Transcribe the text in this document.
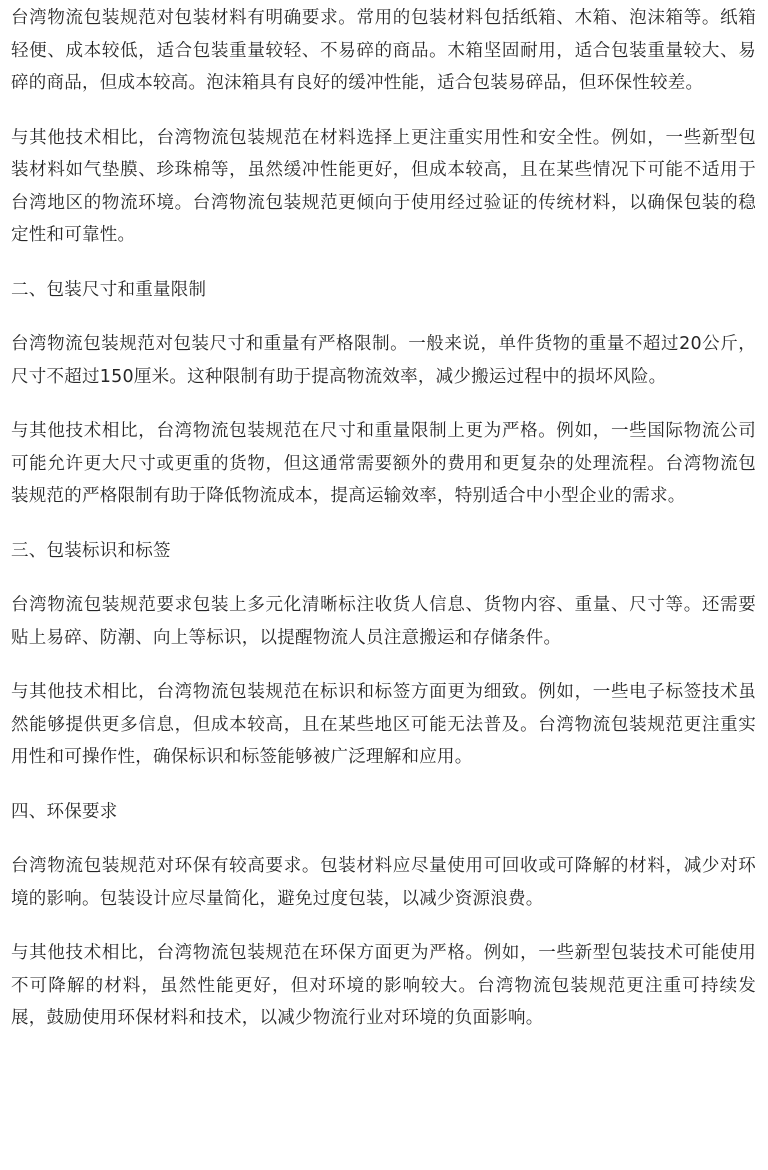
台湾物流包装规范对包装材料有明确要求。常用的包装材料包括纸箱、木箱、泡沫箱等。纸箱轻便、成本较低，适合包装重量较轻、不易碎的商品。木箱坚固耐用，适合包装重量较大、易碎的商品，但成本较高。泡沫箱具有良好的缓冲性能，适合包装易碎品，但环保性较差。

与其他技术相比，台湾物流包装规范在材料选择上更注重实用性和安全性。例如，一些新型包装材料如气垫膜、珍珠棉等，虽然缓冲性能更好，但成本较高，且在某些情况下可能不适用于台湾地区的物流环境。台湾物流包装规范更倾向于使用经过验证的传统材料，以确保包装的稳定性和可靠性。

二、包装尺寸和重量限制

台湾物流包装规范对包装尺寸和重量有严格限制。一般来说，单件货物的重量不超过20公斤，尺寸不超过150厘米。这种限制有助于提高物流效率，减少搬运过程中的损坏风险。

与其他技术相比，台湾物流包装规范在尺寸和重量限制上更为严格。例如，一些国际物流公司可能允许更大尺寸或更重的货物，但这通常需要额外的费用和更复杂的处理流程。台湾物流包装规范的严格限制有助于降低物流成本，提高运输效率，特别适合中小型企业的需求。

三、包装标识和标签

台湾物流包装规范要求包装上多元化清晰标注收货人信息、货物内容、重量、尺寸等。还需要贴上易碎、防潮、向上等标识，以提醒物流人员注意搬运和存储条件。

与其他技术相比，台湾物流包装规范在标识和标签方面更为细致。例如，一些电子标签技术虽然能够提供更多信息，但成本较高，且在某些地区可能无法普及。台湾物流包装规范更注重实用性和可操作性，确保标识和标签能够被广泛理解和应用。

四、环保要求

台湾物流包装规范对环保有较高要求。包装材料应尽量使用可回收或可降解的材料，减少对环境的影响。包装设计应尽量简化，避免过度包装，以减少资源浪费。

与其他技术相比，台湾物流包装规范在环保方面更为严格。例如，一些新型包装技术可能使用不可降解的材料，虽然性能更好，但对环境的影响较大。台湾物流包装规范更注重可持续发展，鼓励使用环保材料和技术，以减少物流行业对环境的负面影响。
